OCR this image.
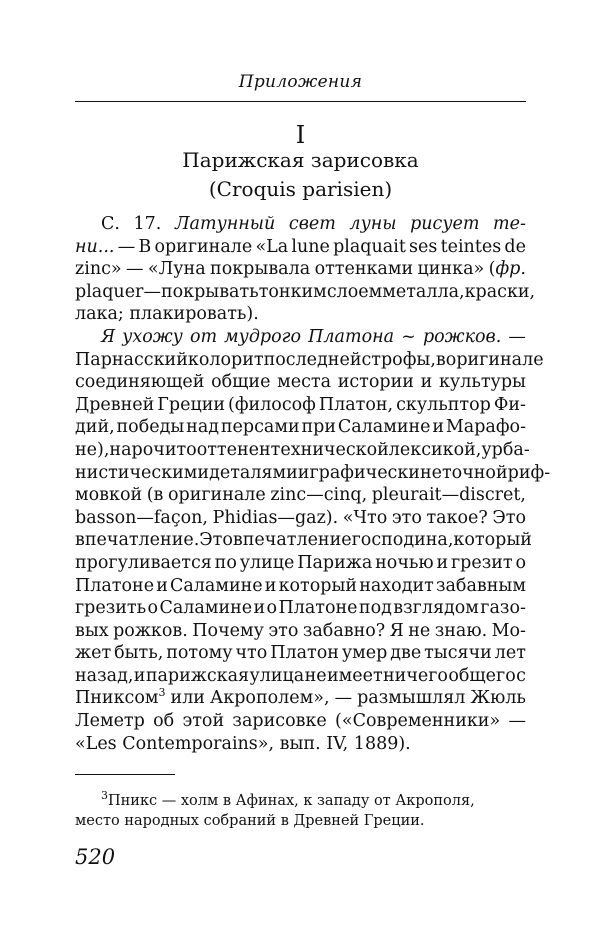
Приложения
I
Парижская зарисовка
(Croquis parisien)
С. 17. Латунный свет луны рисует те-
ни... — В оригинале «La lune plaquait ses teintes de
zinc» — «Луна покрывала оттенками цинка» (фр.
plaquer — покрывать тонким слоем металла, краски,
лака; плакировать).
Я ухожу от мудрого Платона ~ рожков. —
Парнасский колорит последней строфы, в оригинале
соединяющей общие места истории и культуры
Древней Греции (философ Платон, скульптор Фи-
дий, победы над персами при Саламине и Марафо-
не), нарочито оттенен технической лексикой, урба-
нистическими деталями и графически неточной риф-
мовкой (в оригинале zinc—cinq, pleurait—discret,
basson—façon, Phidias—gaz). «Что это такое? Это
впечатление. Это впечатление господина, который
прогуливается по улице Парижа ночью и грезит о
Платоне и Саламине и который находит забавным
грезить о Саламине и о Платоне под взглядом газо-
вых рожков. Почему это забавно? Я не знаю. Мо-
жет быть, потому что Платон умер две тысячи лет
назад, и парижская улица не имеет ничего общего с
Пниксом$^3$ или Акрополем», — размышлял Жюль
Леметр об этой зарисовке («Современники» —
«Les Contemporains», вып. IV, 1889).
$^3$Пникс — холм в Афинах, к западу от Акрополя,
место народных собраний в Древней Греции.
520
